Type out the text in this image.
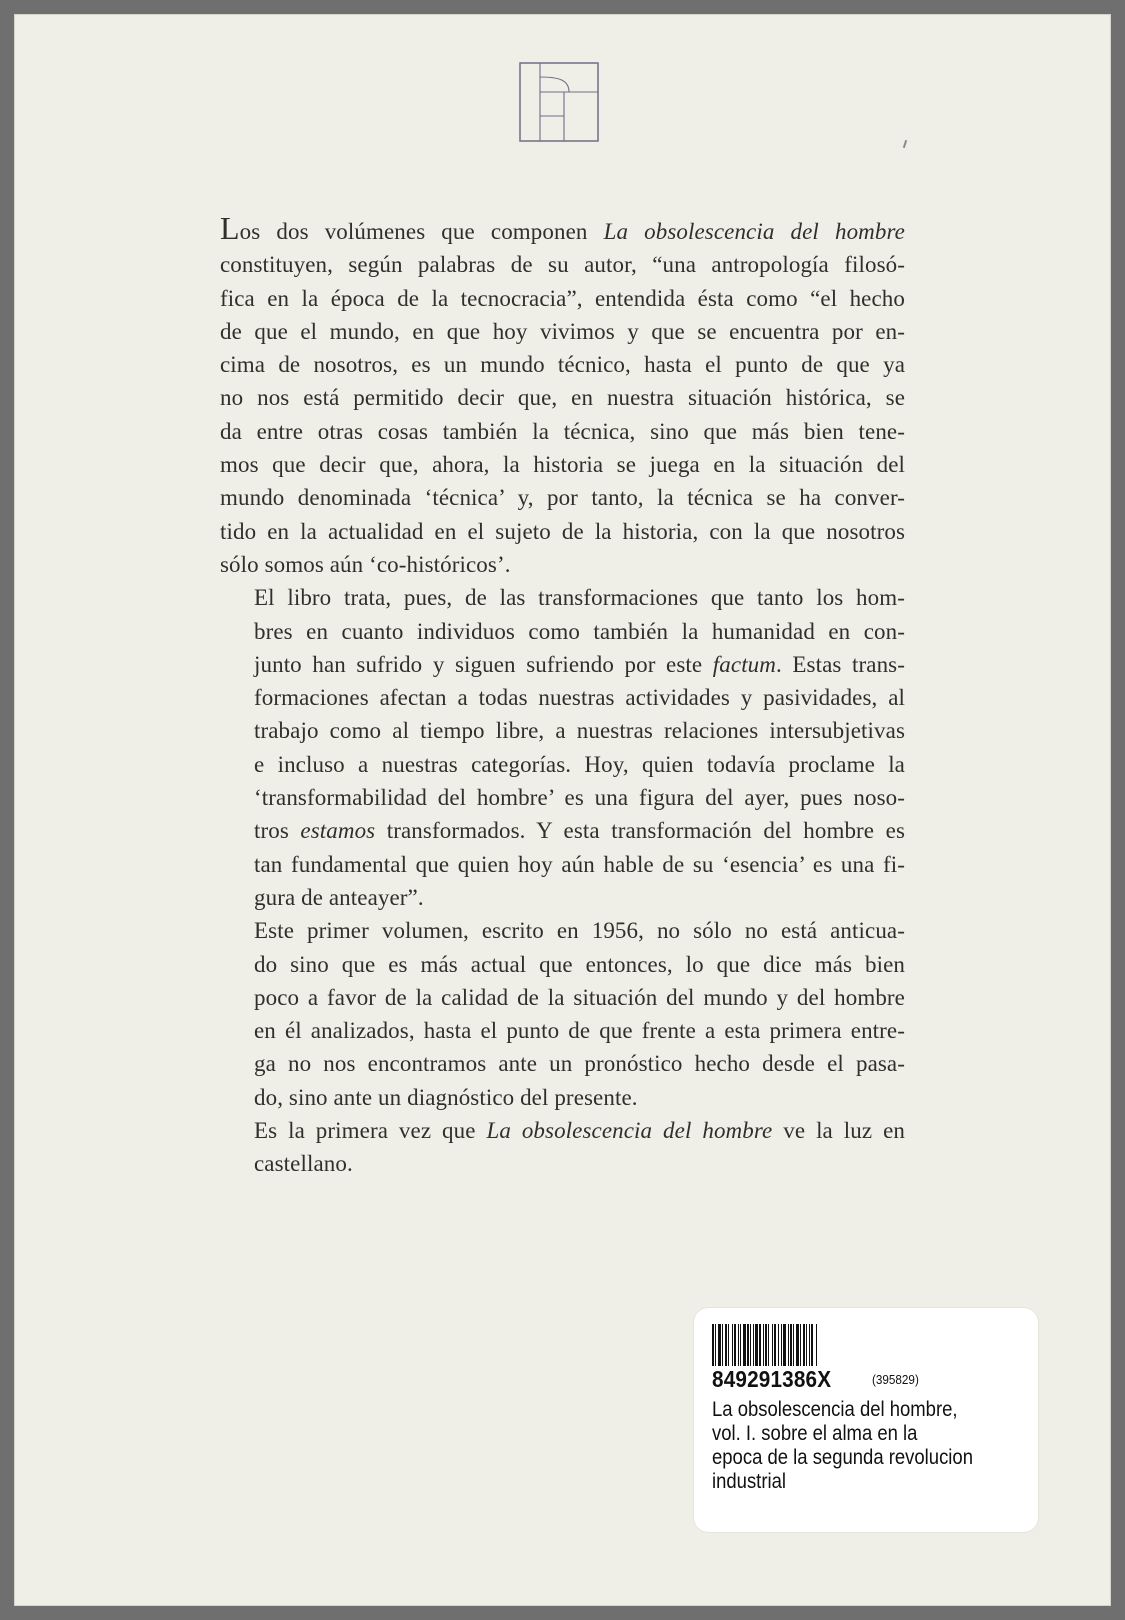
Los dos volúmenes que componen La obsolescencia del hombre
constituyen, según palabras de su autor, “una antropología filosó-
fica en la época de la tecnocracia”, entendida ésta como “el hecho
de que el mundo, en que hoy vivimos y que se encuentra por en-
cima de nosotros, es un mundo técnico, hasta el punto de que ya
no nos está permitido decir que, en nuestra situación histórica, se
da entre otras cosas también la técnica, sino que más bien tene-
mos que decir que, ahora, la historia se juega en la situación del
mundo denominada ‘técnica’ y, por tanto, la técnica se ha conver-
tido en la actualidad en el sujeto de la historia, con la que nosotros
sólo somos aún ‘co-históricos’.

El libro trata, pues, de las transformaciones que tanto los hom-
bres en cuanto individuos como también la humanidad en con-
junto han sufrido y siguen sufriendo por este factum. Estas trans-
formaciones afectan a todas nuestras actividades y pasividades, al
trabajo como al tiempo libre, a nuestras relaciones intersubjetivas
e incluso a nuestras categorías. Hoy, quien todavía proclame la
‘transformabilidad del hombre’ es una figura del ayer, pues noso-
tros estamos transformados. Y esta transformación del hombre es
tan fundamental que quien hoy aún hable de su ‘esencia’ es una fi-
gura de anteayer”.

Este primer volumen, escrito en 1956, no sólo no está anticua-
do sino que es más actual que entonces, lo que dice más bien
poco a favor de la calidad de la situación del mundo y del hombre
en él analizados, hasta el punto de que frente a esta primera entre-
ga no nos encontramos ante un pronóstico hecho desde el pasa-
do, sino ante un diagnóstico del presente.

Es la primera vez que La obsolescencia del hombre ve la luz en
castellano.

849291386X	(395829)
La obsolescencia del hombre,
vol. I. sobre el alma en la
epoca de la segunda revolucion
industrial
